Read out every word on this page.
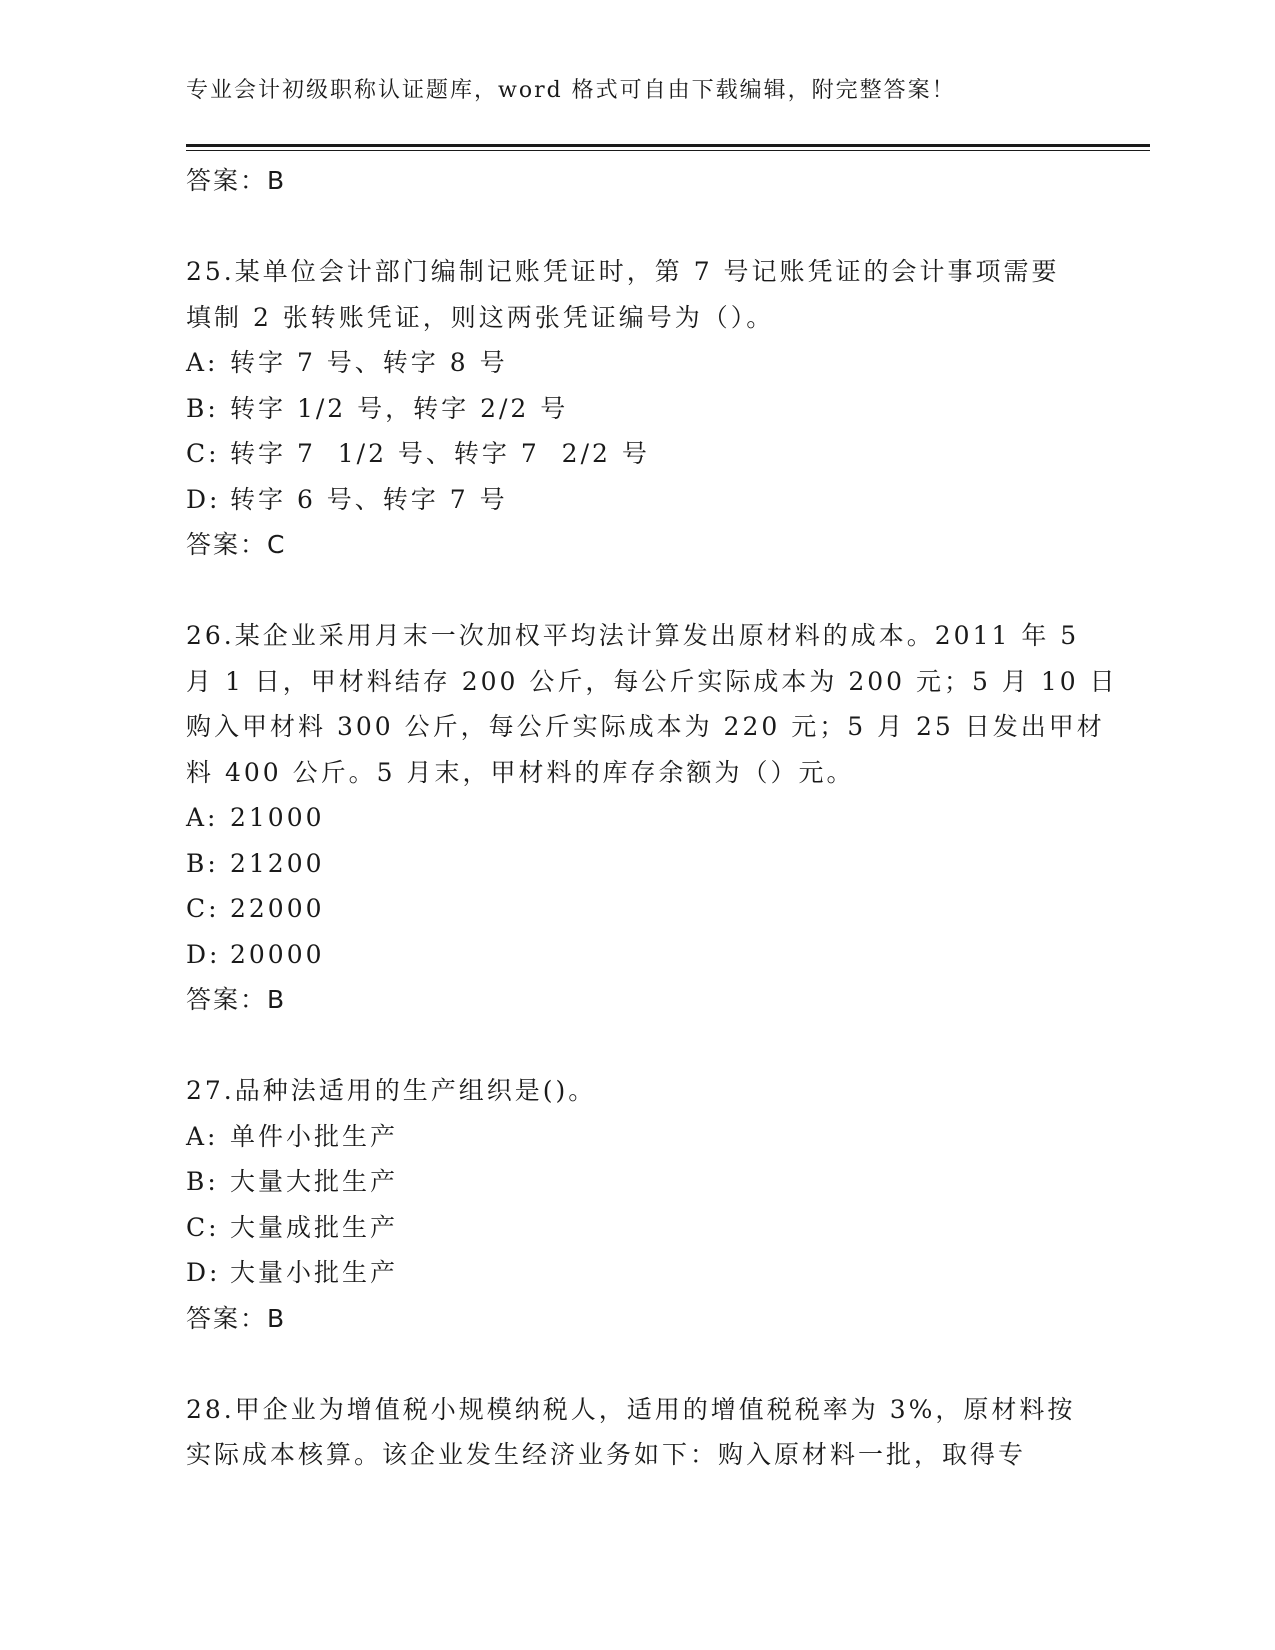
专业会计初级职称认证题库，word 格式可自由下载编辑，附完整答案！
答案：B
25.某单位会计部门编制记账凭证时，第 7 号记账凭证的会计事项需要
填制 2 张转账凭证，则这两张凭证编号为（）。
A: 转字 7 号、转字 8 号
B: 转字 1/2 号，转字 2/2 号
C: 转字 7  1/2 号、转字 7  2/2 号
D: 转字 6 号、转字 7 号
答案：C
26.某企业采用月末一次加权平均法计算发出原材料的成本。2011 年 5
月 1 日，甲材料结存 200 公斤，每公斤实际成本为 200 元；5 月 10 日
购入甲材料 300 公斤，每公斤实际成本为 220 元；5 月 25 日发出甲材
料 400 公斤。5 月末，甲材料的库存余额为（）元。
A: 21000
B: 21200
C: 22000
D: 20000
答案：B
27.品种法适用的生产组织是()。
A: 单件小批生产
B: 大量大批生产
C: 大量成批生产
D: 大量小批生产
答案：B
28.甲企业为增值税小规模纳税人，适用的增值税税率为 3%，原材料按
实际成本核算。该企业发生经济业务如下：购入原材料一批，取得专
